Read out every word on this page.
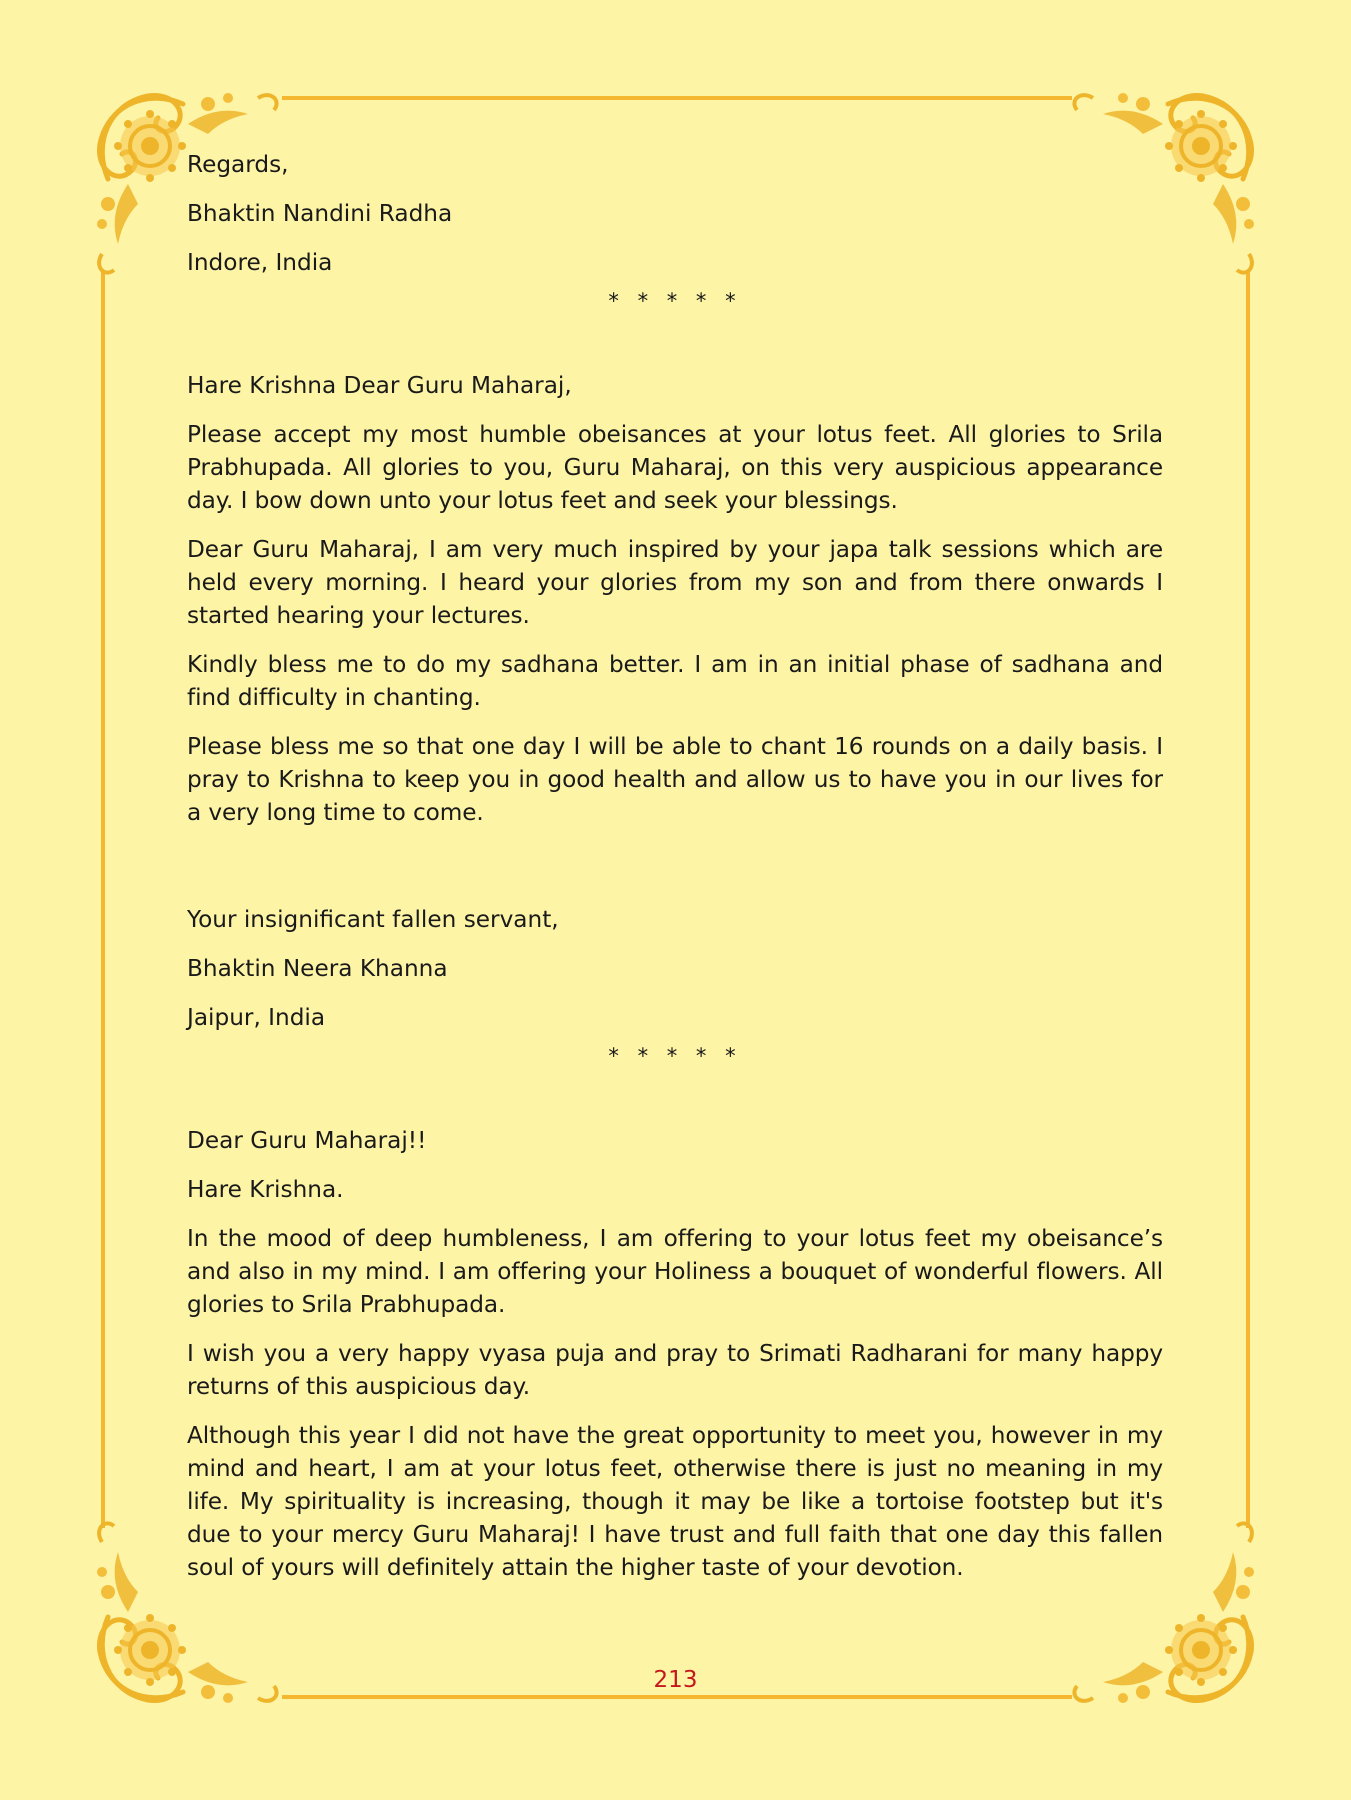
Regards,
Bhaktin Nandini Radha
Indore, India
* * * * *
Hare Krishna Dear Guru Maharaj,

Please accept my most humble obeisances at your lotus feet. All glories to Srila Prabhupada. All glories to you, Guru Maharaj, on this very auspicious appearance day. I bow down unto your lotus feet and seek your blessings.

Dear Guru Maharaj, I am very much inspired by your japa talk sessions which are held every morning. I heard your glories from my son and from there onwards I started hearing your lectures.

Kindly bless me to do my sadhana better. I am in an initial phase of sadhana and find difficulty in chanting.

Please bless me so that one day I will be able to chant 16 rounds on a daily basis. I pray to Krishna to keep you in good health and allow us to have you in our lives for a very long time to come.

Your insignificant fallen servant,
Bhaktin Neera Khanna
Jaipur, India
* * * * *
Dear Guru Maharaj!!
Hare Krishna.

In the mood of deep humbleness, I am offering to your lotus feet my obeisance’s and also in my mind. I am offering your Holiness a bouquet of wonderful flowers. All glories to Srila Prabhupada.

I wish you a very happy vyasa puja and pray to Srimati Radharani for many happy returns of this auspicious day.

Although this year I did not have the great opportunity to meet you, however in my mind and heart, I am at your lotus feet, otherwise there is just no meaning in my life. My spirituality is increasing, though it may be like a tortoise footstep but it's due to your mercy Guru Maharaj! I have trust and full faith that one day this fallen soul of yours will definitely attain the higher taste of your devotion.

213
